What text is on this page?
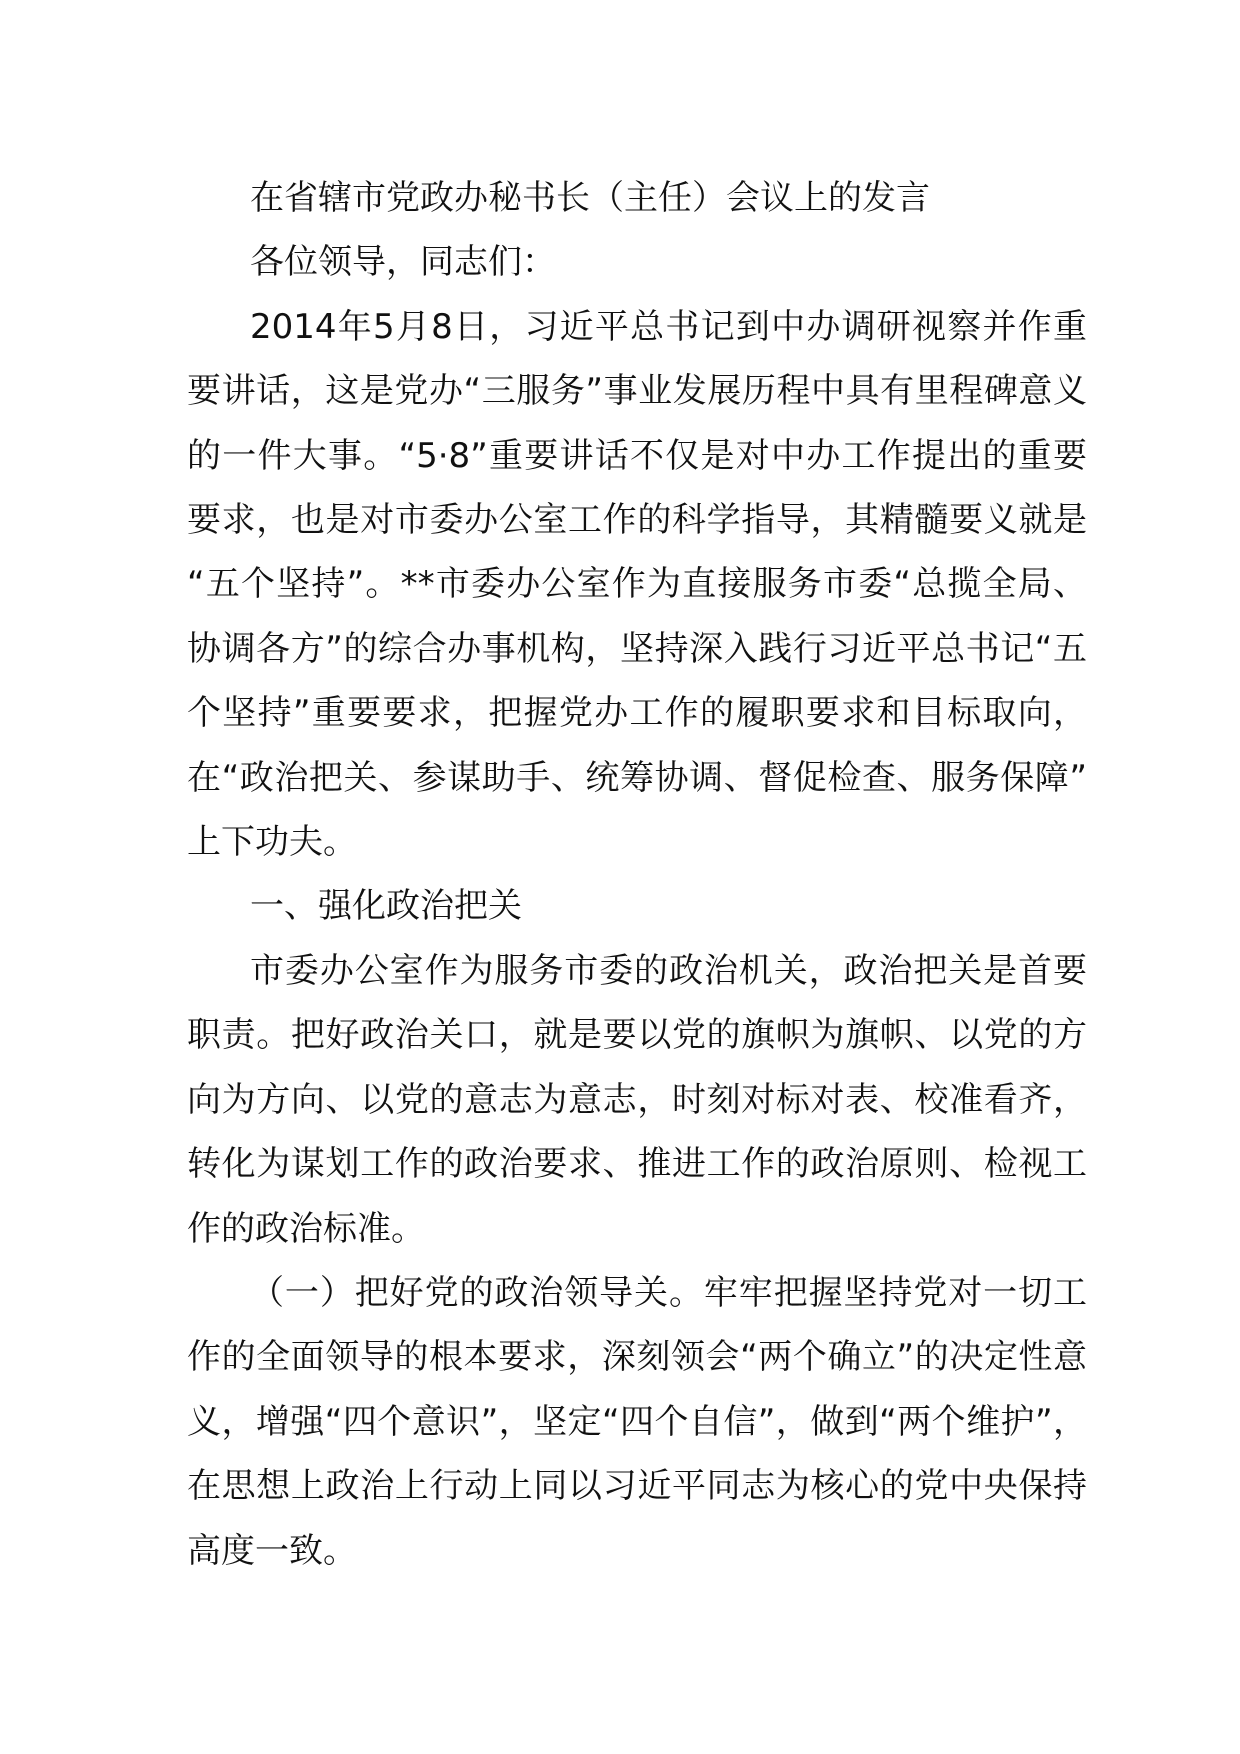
在省辖市党政办秘书长（主任）会议上的发言

各位领导，同志们：

2014年5月8日，习近平总书记到中办调研视察并作重要讲话，这是党办“三服务”事业发展历程中具有里程碑意义的一件大事。“5·8”重要讲话不仅是对中办工作提出的重要要求，也是对市委办公室工作的科学指导，其精髓要义就是“五个坚持”。**市委办公室作为直接服务市委“总揽全局、协调各方”的综合办事机构，坚持深入践行习近平总书记“五个坚持”重要要求，把握党办工作的履职要求和目标取向，在“政治把关、参谋助手、统筹协调、督促检查、服务保障”上下功夫。

一、强化政治把关

市委办公室作为服务市委的政治机关，政治把关是首要职责。把好政治关口，就是要以党的旗帜为旗帜、以党的方向为方向、以党的意志为意志，时刻对标对表、校准看齐，转化为谋划工作的政治要求、推进工作的政治原则、检视工作的政治标准。

（一）把好党的政治领导关。牢牢把握坚持党对一切工作的全面领导的根本要求，深刻领会“两个确立”的决定性意义，增强“四个意识”，坚定“四个自信”，做到“两个维护”，在思想上政治上行动上同以习近平同志为核心的党中央保持高度一致。
